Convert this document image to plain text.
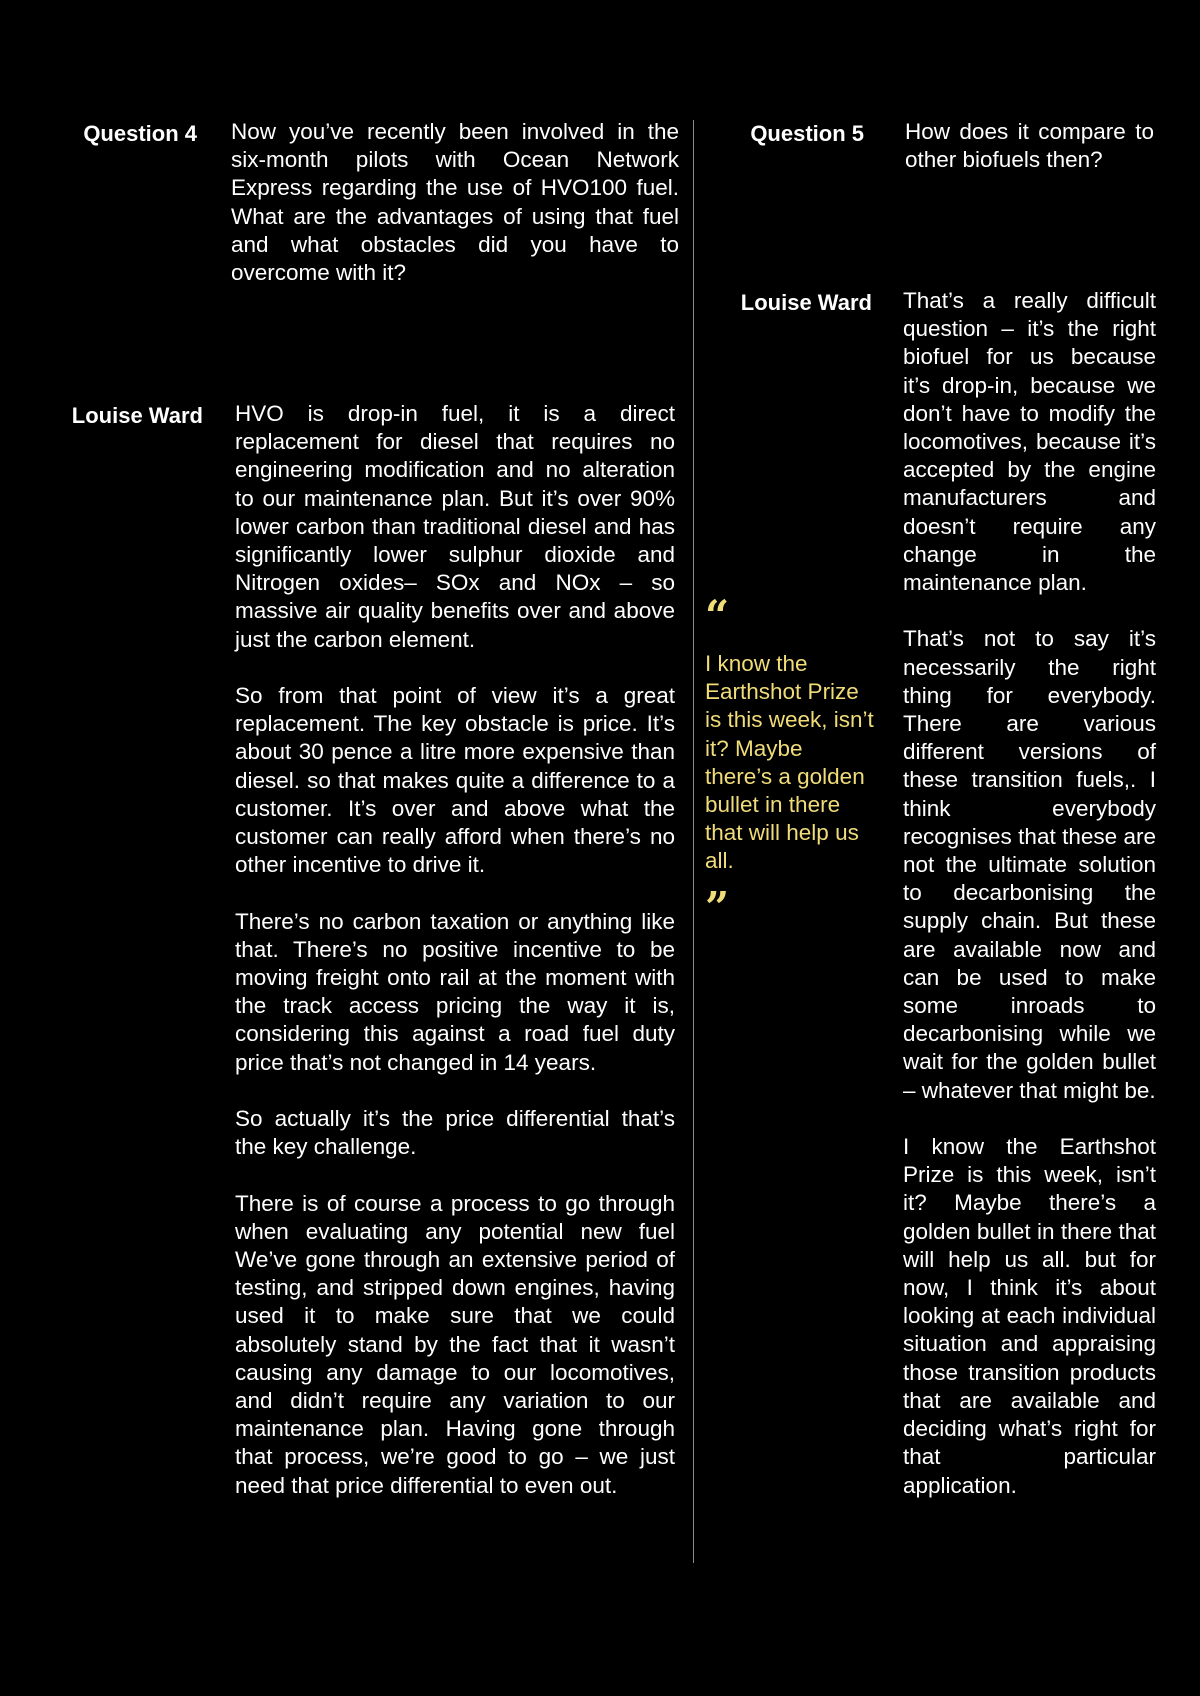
Question 4 Now you’ve recently been involved in the six-month pilots with Ocean Network Express regarding the use of HVO100 fuel. What are the advantages of using that fuel and what obstacles did you have to overcome with it?

Louise Ward HVO is drop-in fuel, it is a direct replacement for diesel that requires no engineering modification and no alteration to our maintenance plan. But it’s over 90% lower carbon than traditional diesel and has significantly lower sulphur dioxide and Nitrogen oxides– SOx and NOx – so massive air quality benefits over and above just the carbon element.

So from that point of view it’s a great replacement. The key obstacle is price. It’s about 30 pence a litre more expensive than diesel. so that makes quite a difference to a customer. It’s over and above what the customer can really afford when there’s no other incentive to drive it.

There’s no carbon taxation or anything like that. There’s no positive incentive to be moving freight onto rail at the moment with the track access pricing the way it is, considering this against a road fuel duty price that’s not changed in 14 years.

So actually it’s the price differential that’s the key challenge.

There is of course a process to go through when evaluating any potential new fuel We’ve gone through an extensive period of testing, and stripped down engines, having used it to make sure that we could absolutely stand by the fact that it wasn’t causing any damage to our locomotives, and didn’t require any variation to our maintenance plan. Having gone through that process, we’re good to go – we just need that price differential to even out.

“
I know the Earthshot Prize is this week, isn’t it? Maybe there’s a golden bullet in there that will help us all.
”
Question 5 How does it compare to other biofuels then?

Louise Ward That’s a really difficult question – it’s the right biofuel for us because it’s drop-in, because we don’t have to modify the locomotives, because it’s accepted by the engine manufacturers and doesn’t require any change in the maintenance plan.

That’s not to say it’s necessarily the right thing for everybody. There are various different versions of these transition fuels,. I think everybody recognises that these are not the ultimate solution to decarbonising the supply chain. But these are available now and can be used to make some inroads to decarbonising while we wait for the golden bullet – whatever that might be.

I know the Earthshot Prize is this week, isn’t it? Maybe there’s a golden bullet in there that will help us all. but for now, I think it’s about looking at each individual situation and appraising those transition products that are available and deciding what’s right for that particular application.
